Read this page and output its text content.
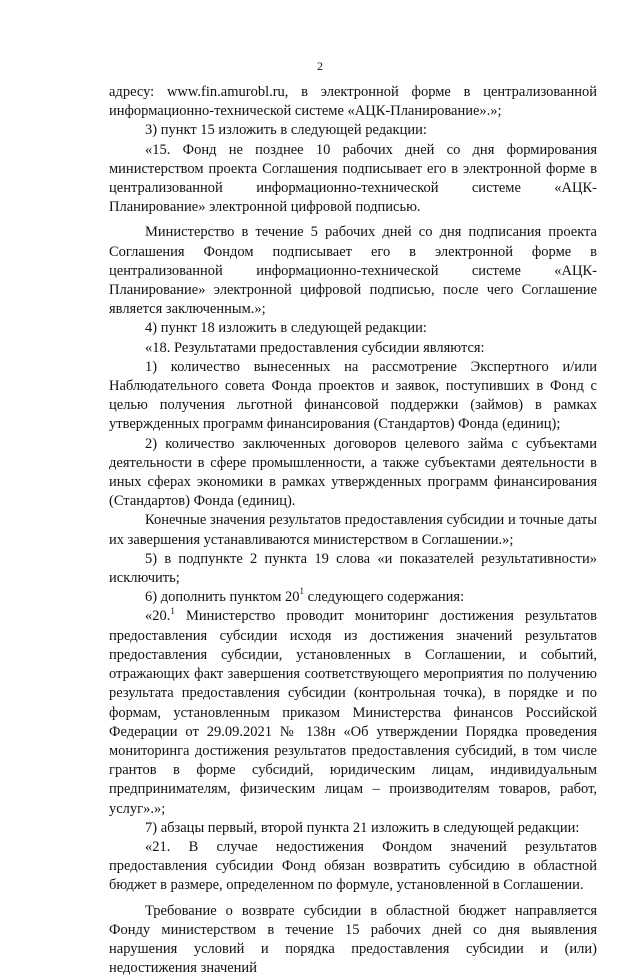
2

адресу: www.fin.amurobl.ru, в электронной форме в централизованной информационно-технической системе «АЦК-Планирование».»;

3) пункт 15 изложить в следующей редакции:

«15. Фонд не позднее 10 рабочих дней со дня формирования министерством проекта Соглашения подписывает его в электронной форме в централизованной информационно-технической системе «АЦК-Планирование» электронной цифровой подписью.

Министерство в течение 5 рабочих дней со дня подписания проекта Соглашения Фондом подписывает его в электронной форме в централизованной информационно-технической системе «АЦК-Планирование» электронной цифровой подписью, после чего Соглашение является заключенным.»;

4) пункт 18 изложить в следующей редакции:

«18. Результатами предоставления субсидии являются:

1) количество вынесенных на рассмотрение Экспертного и/или Наблюдательного совета Фонда проектов и заявок, поступивших в Фонд с целью получения льготной финансовой поддержки (займов) в рамках утвержденных программ финансирования (Стандартов) Фонда (единиц);

2) количество заключенных договоров целевого займа с субъектами деятельности в сфере промышленности, а также субъектами деятельности в иных сферах экономики в рамках утвержденных программ финансирования (Стандартов) Фонда (единиц).

Конечные значения результатов предоставления субсидии и точные даты их завершения устанавливаются министерством в Соглашении.»;

5) в подпункте 2 пункта 19 слова «и показателей результативности» исключить;

6) дополнить пунктом $20^1$ следующего содержания:

«20.$^1$ Министерство проводит мониторинг достижения результатов предоставления субсидии исходя из достижения значений результатов предоставления субсидии, установленных в Соглашении, и событий, отражающих факт завершения соответствующего мероприятия по получению результата предоставления субсидии (контрольная точка), в порядке и по формам, установленным приказом Министерства финансов Российской Федерации от 29.09.2021 № 138н «Об утверждении Порядка проведения мониторинга достижения результатов предоставления субсидий, в том числе грантов в форме субсидий, юридическим лицам, индивидуальным предпринимателям, физическим лицам – производителям товаров, работ, услуг».»;

7) абзацы первый, второй пункта 21 изложить в следующей редакции:

«21. В случае недостижения Фондом значений результатов предоставления субсидии Фонд обязан возвратить субсидию в областной бюджет в размере, определенном по формуле, установленной в Соглашении.

Требование о возврате субсидии в областной бюджет направляется Фонду министерством в течение 15 рабочих дней со дня выявления нарушения условий и порядка предоставления субсидии и (или) недостижения значений
